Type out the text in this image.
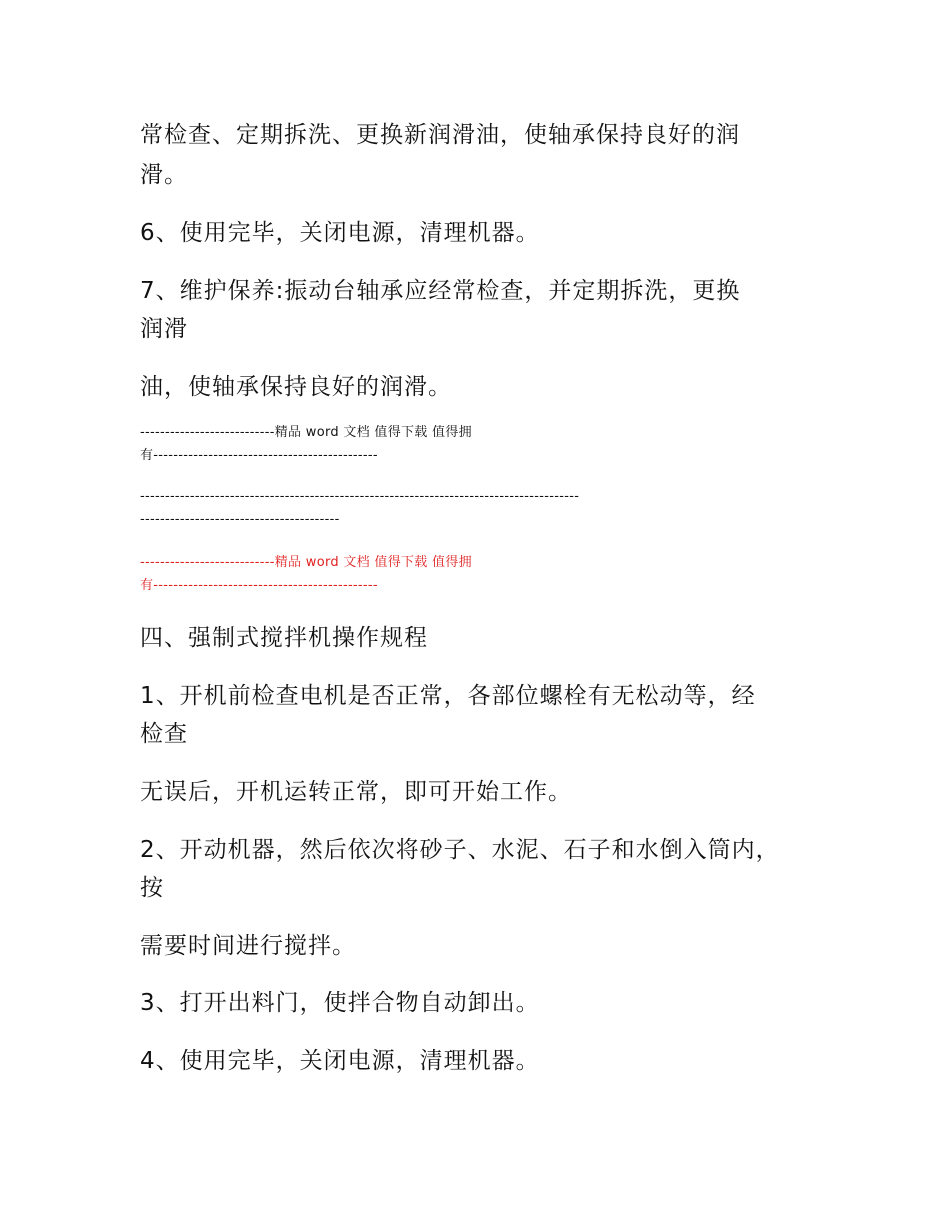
常检查、定期拆洗、更换新润滑油，使轴承保持良好的润
滑。
6、使用完毕，关闭电源，清理机器。
7、维护保养:振动台轴承应经常检查，并定期拆洗，更换
润滑
油，使轴承保持良好的润滑。
---------------------------精品 word 文档 值得下载 值得拥
有---------------------------------------------
----------------------------------------------------------------------------------------
----------------------------------------
---------------------------精品 word 文档 值得下载 值得拥
有---------------------------------------------
四、强制式搅拌机操作规程
1、开机前检查电机是否正常，各部位螺栓有无松动等，经
检查
无误后，开机运转正常，即可开始工作。
2、开动机器，然后依次将砂子、水泥、石子和水倒入筒内，
按
需要时间进行搅拌。
3、打开出料门，使拌合物自动卸出。
4、使用完毕，关闭电源，清理机器。
